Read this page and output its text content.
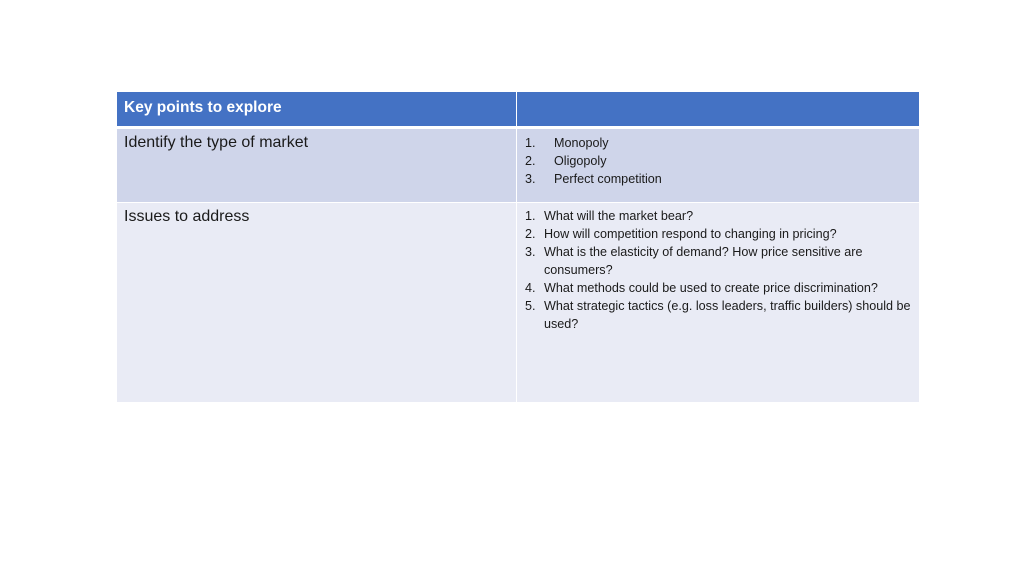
Key points to explore
Identify the type of market	1.	Monopoly
2.	Oligopoly
3.	Perfect competition
Issues to address	1. What will the market bear?
2. How will competition respond to changing in pricing?
3. What is the elasticity of demand? How price sensitive are consumers?
4. What methods could be used to create price discrimination?
5. What strategic tactics (e.g. loss leaders, traffic builders) should be used?
